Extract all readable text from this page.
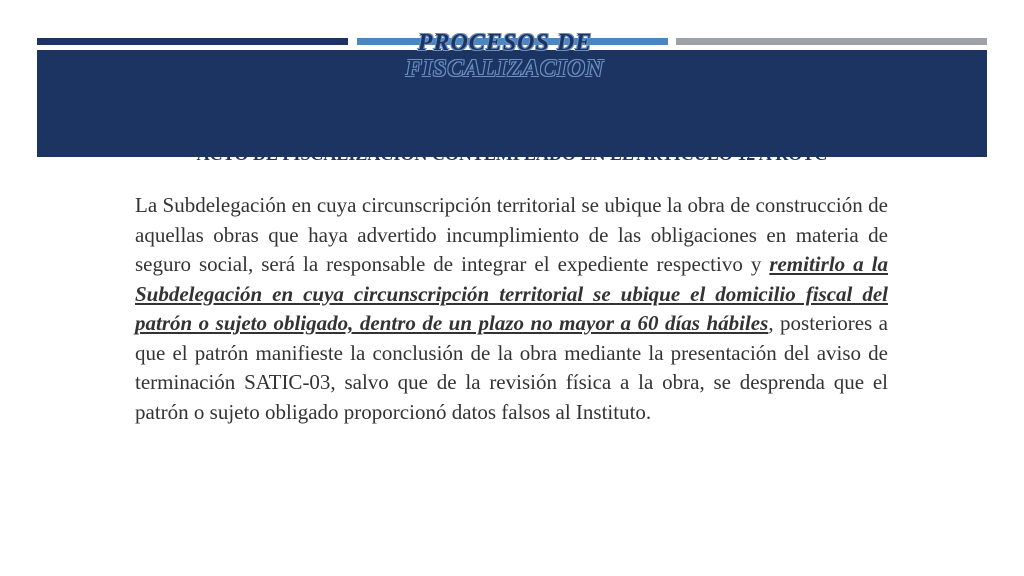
PROCESOS DE FISCALIZACION
ACTO DE FISCALIZACIÓN CONTEMPLADO EN EL ARTÍCULO 12 A ROTC
La Subdelegación en cuya circunscripción territorial se ubique la obra de construcción de aquellas obras que haya advertido incumplimiento de las obligaciones en materia de seguro social, será la responsable de integrar el expediente respectivo y remitirlo a la Subdelegación en cuya circunscripción territorial se ubique el domicilio fiscal del patrón o sujeto obligado, dentro de un plazo no mayor a 60 días hábiles, posteriores a que el patrón manifieste la conclusión de la obra mediante la presentación del aviso de terminación SATIC-03, salvo que de la revisión física a la obra, se desprenda que el patrón o sujeto obligado proporcionó datos falsos al Instituto.
